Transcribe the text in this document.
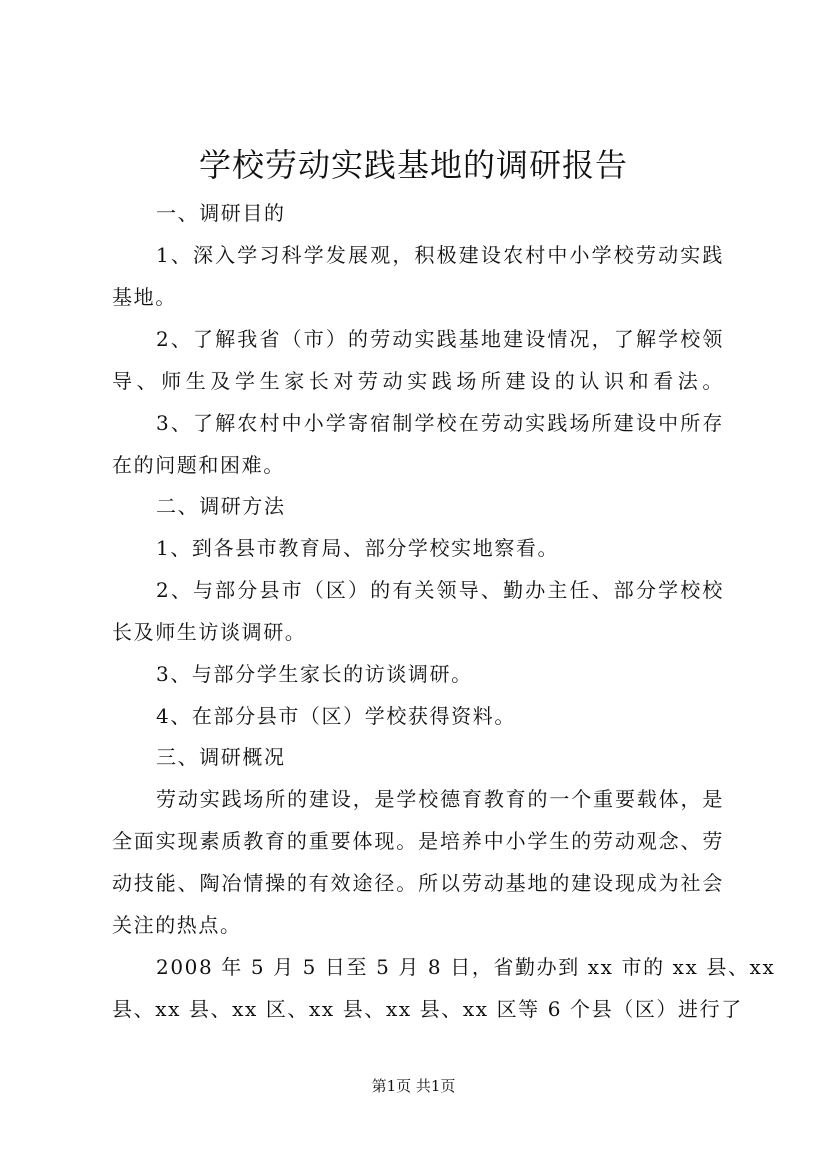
学校劳动实践基地的调研报告
一、调研目的
1、深入学习科学发展观，积极建设农村中小学校劳动实践
基地。
2、了解我省（市）的劳动实践基地建设情况，了解学校领
导、师生及学生家长对劳动实践场所建设的认识和看法。
3、了解农村中小学寄宿制学校在劳动实践场所建设中所存
在的问题和困难。
二、调研方法
1、到各县市教育局、部分学校实地察看。
2、与部分县市（区）的有关领导、勤办主任、部分学校校
长及师生访谈调研。
3、与部分学生家长的访谈调研。
4、在部分县市（区）学校获得资料。
三、调研概况
劳动实践场所的建设，是学校德育教育的一个重要载体，是
全面实现素质教育的重要体现。是培养中小学生的劳动观念、劳
动技能、陶冶情操的有效途径。所以劳动基地的建设现成为社会
关注的热点。
2008 年 5 月 5 日至 5 月 8 日，省勤办到 xx 市的 xx 县、xx
县、xx 县、xx 区、xx 县、xx 县、xx 区等 6 个县（区）进行了
第1页 共1页
